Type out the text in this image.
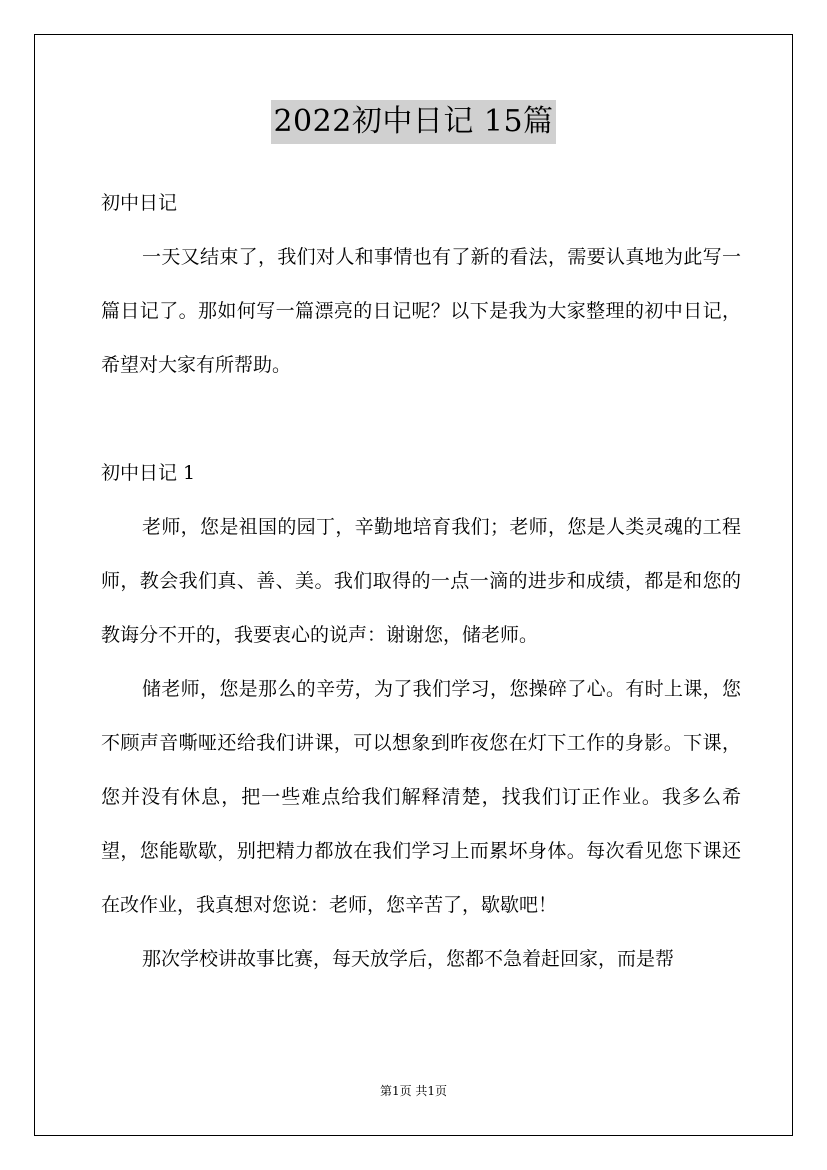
2022初中日记 15篇
初中日记

一天又结束了，我们对人和事情也有了新的看法，需要认真地为此写一篇日记了。那如何写一篇漂亮的日记呢？以下是我为大家整理的初中日记，希望对大家有所帮助。

初中日记 1

老师，您是祖国的园丁，辛勤地培育我们；老师，您是人类灵魂的工程师，教会我们真、善、美。我们取得的一点一滴的进步和成绩，都是和您的教诲分不开的，我要衷心的说声：谢谢您，储老师。

储老师，您是那么的辛劳，为了我们学习，您操碎了心。有时上课，您不顾声音嘶哑还给我们讲课，可以想象到昨夜您在灯下工作的身影。下课，您并没有休息，把一些难点给我们解释清楚，找我们订正作业。我多么希望，您能歇歇，别把精力都放在我们学习上而累坏身体。每次看见您下课还在改作业，我真想对您说：老师，您辛苦了，歇歇吧！

那次学校讲故事比赛，每天放学后，您都不急着赶回家，而是帮

第1页 共1页
